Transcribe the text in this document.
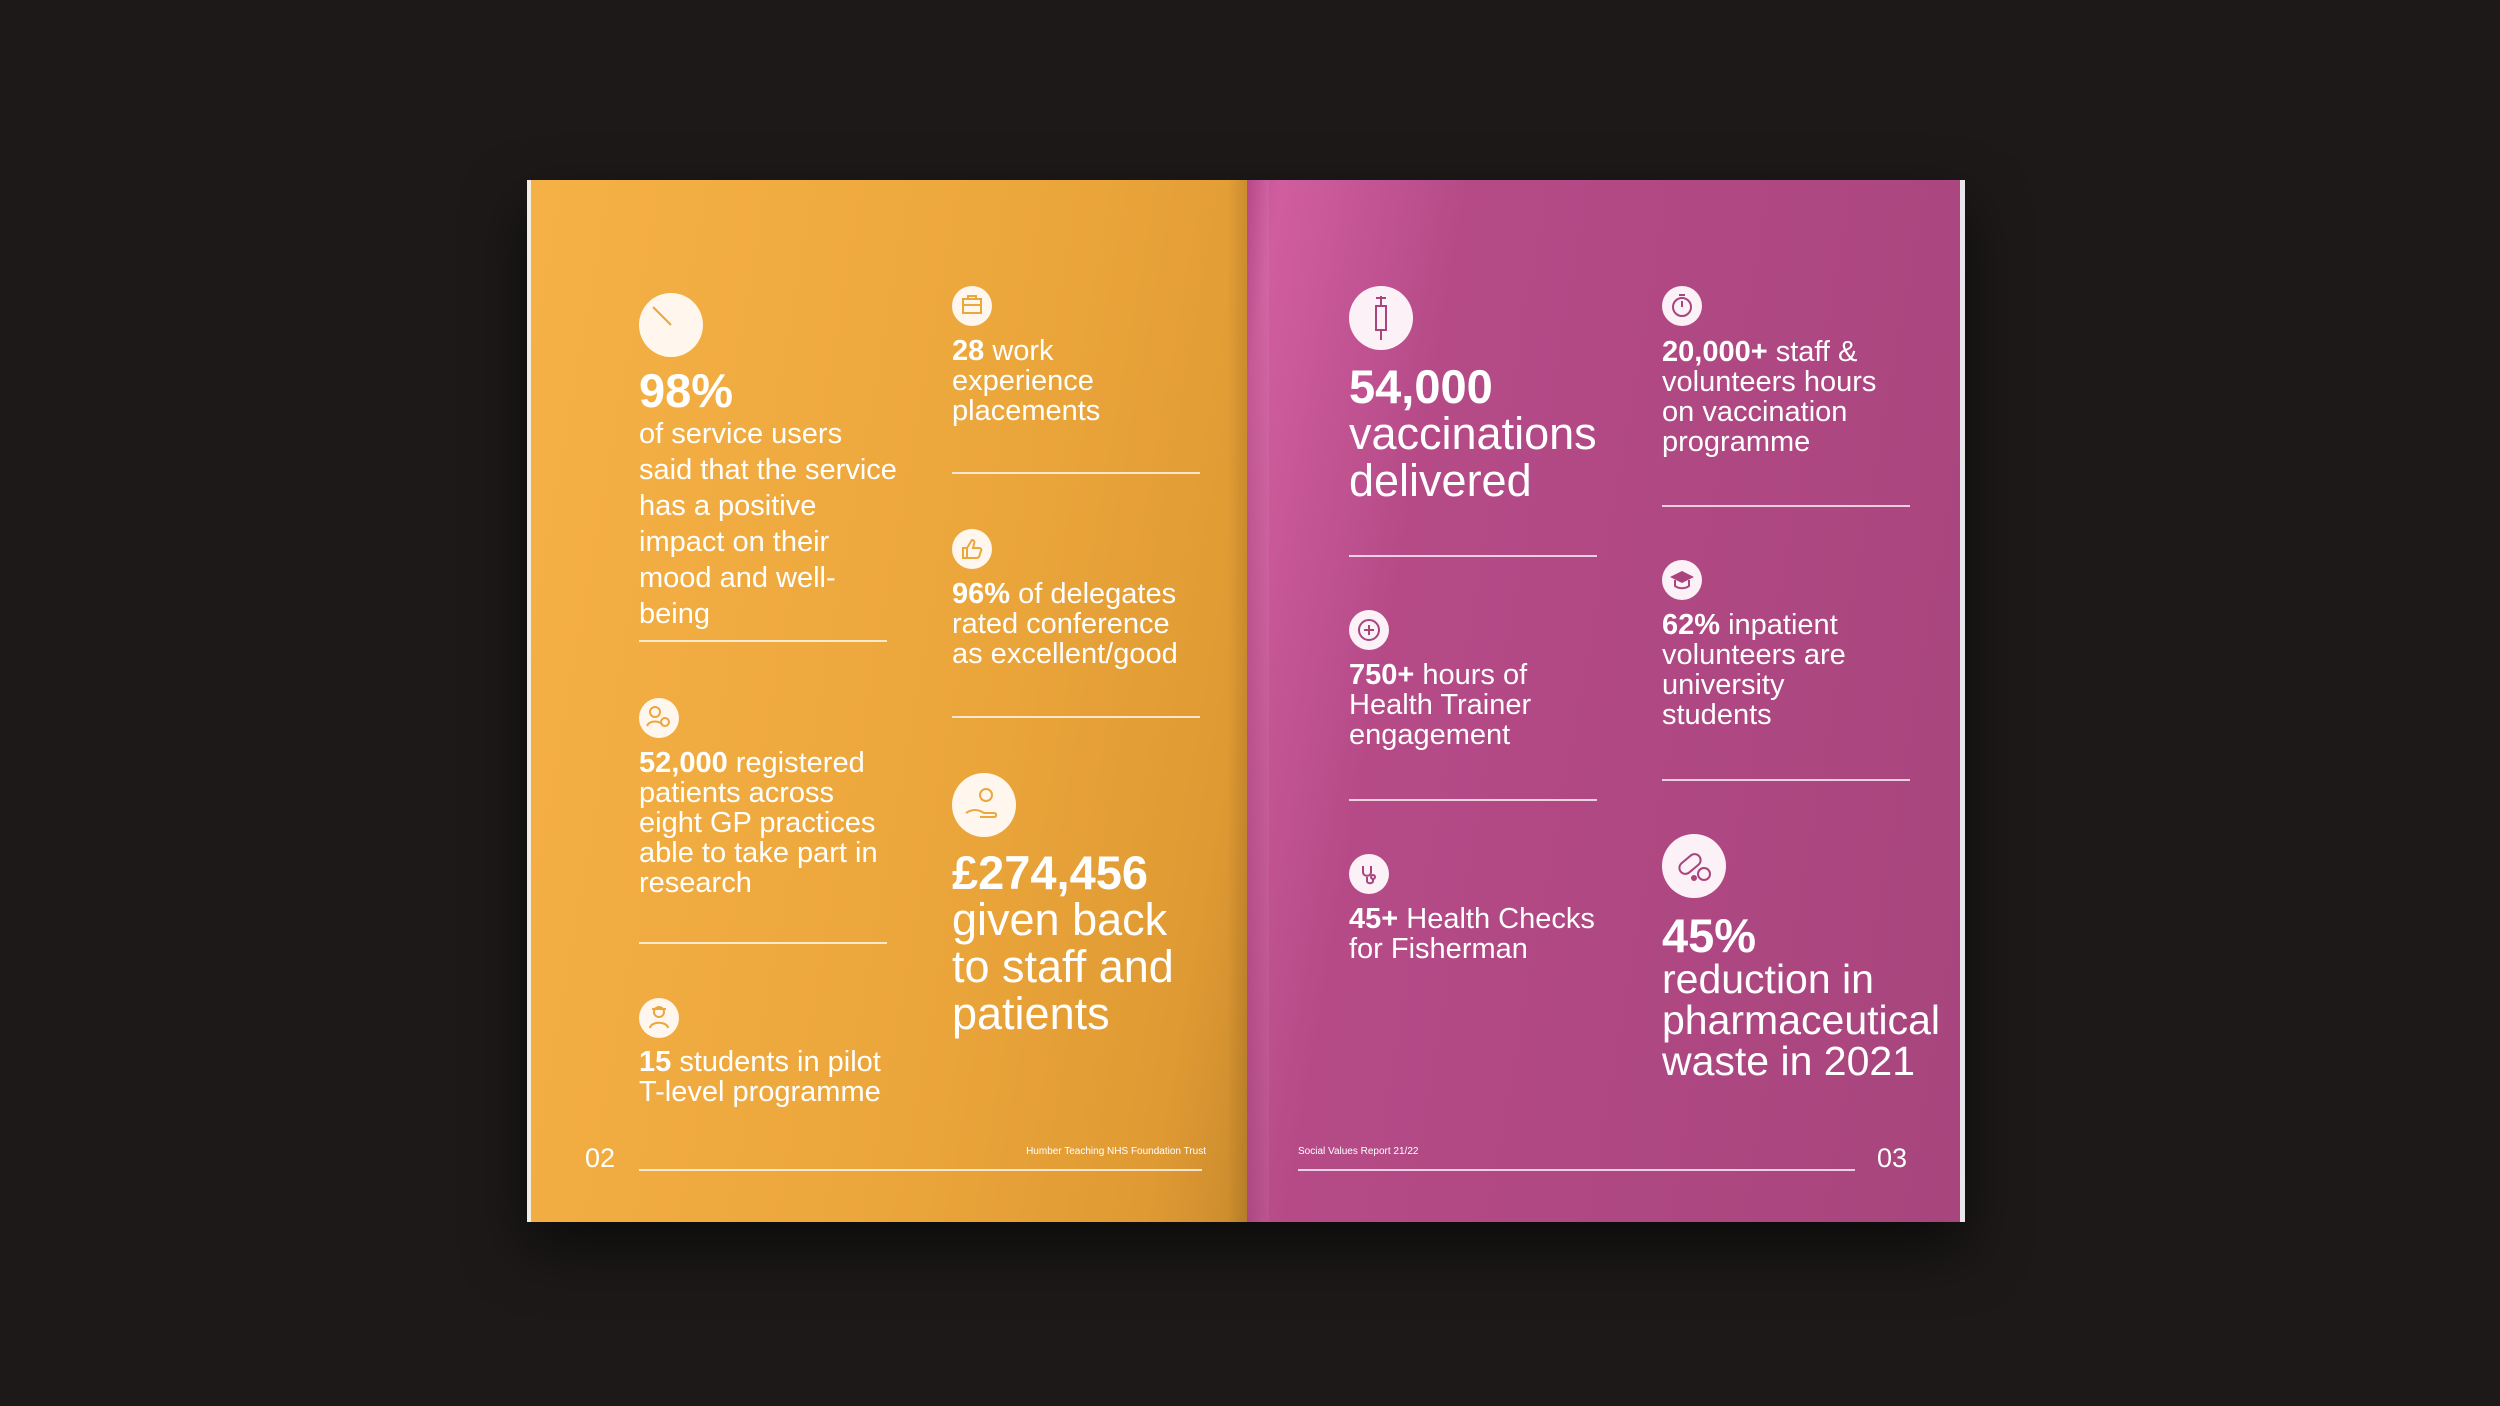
98%
of service users said that the service has a positive impact on their mood and well-being
52,000 registered patients across eight GP practices able to take part in research
15 students in pilot T-level programme
28 work experience placements
96% of delegates rated conference as excellent/good
£274,456
given back to staff and patients
02	Humber Teaching NHS Foundation Trust
54,000
vaccinations delivered
750+ hours of Health Trainer engagement
45+ Health Checks for Fisherman
20,000+ staff & volunteers hours on vaccination programme
62% inpatient volunteers are university students
45%
reduction in pharmaceutical waste in 2021
Social Values Report 21/22	03
